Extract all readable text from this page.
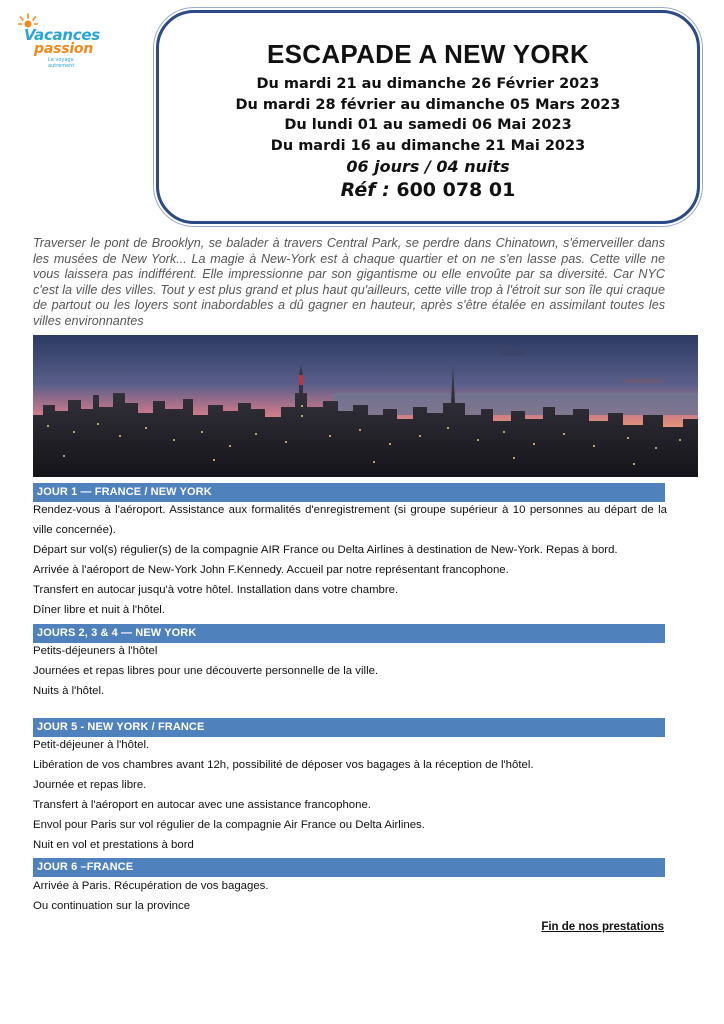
Vacances
passion
Le voyage autrement	ESCAPADE A NEW YORK
Du mardi 21 au dimanche 26 Février 2023
Du mardi 28 février au dimanche 05 Mars 2023
Du lundi 01 au samedi 06 Mai 2023
Du mardi 16 au dimanche 21 Mai 2023
06 jours / 04 nuits
Réf : 600 078 01
Traverser le pont de Brooklyn, se balader à travers Central Park, se perdre dans Chinatown, s'émerveiller dans les musées de New York... La magie à New-York est à chaque quartier et on ne s'en lasse pas. Cette ville ne vous laissera pas indifférent. Elle impressionne par son gigantisme ou elle envoûte par sa diversité. Car NYC c'est la ville des villes. Tout y est plus grand et plus haut qu'ailleurs, cette ville trop à l'étroit sur son île qui craque de partout ou les loyers sont inabordables a dû gagner en hauteur, après s'être étalée en assimilant toutes les villes environnantes
JOUR 1 — FRANCE / NEW YORK
Rendez-vous à l'aéroport. Assistance aux formalités d'enregistrement (si groupe supérieur à 10 personnes au départ de la ville concernée).
Départ sur vol(s) régulier(s) de la compagnie AIR France ou Delta Airlines à destination de New-York. Repas à bord.
Arrivée à l'aéroport de New-York John F.Kennedy. Accueil par notre représentant francophone.
Transfert en autocar jusqu'à votre hôtel. Installation dans votre chambre.
Dîner libre et nuit à l'hôtel.
JOURS 2, 3 & 4 — NEW YORK
Petits-déjeuners à l'hôtel
Journées et repas libres pour une découverte personnelle de la ville.
Nuits à l'hôtel.
JOUR 5 - NEW YORK / FRANCE
Petit-déjeuner à l'hôtel.
Libération de vos chambres avant 12h, possibilité de déposer vos bagages à la réception de l'hôtel.
Journée et repas libre.
Transfert à l'aéroport en autocar avec une assistance francophone.
Envol pour Paris sur vol régulier de la compagnie Air France ou Delta Airlines.
Nuit en vol et prestations à bord
JOUR 6 –FRANCE
Arrivée à Paris. Récupération de vos bagages.
Ou continuation sur la province
Fin de nos prestations
